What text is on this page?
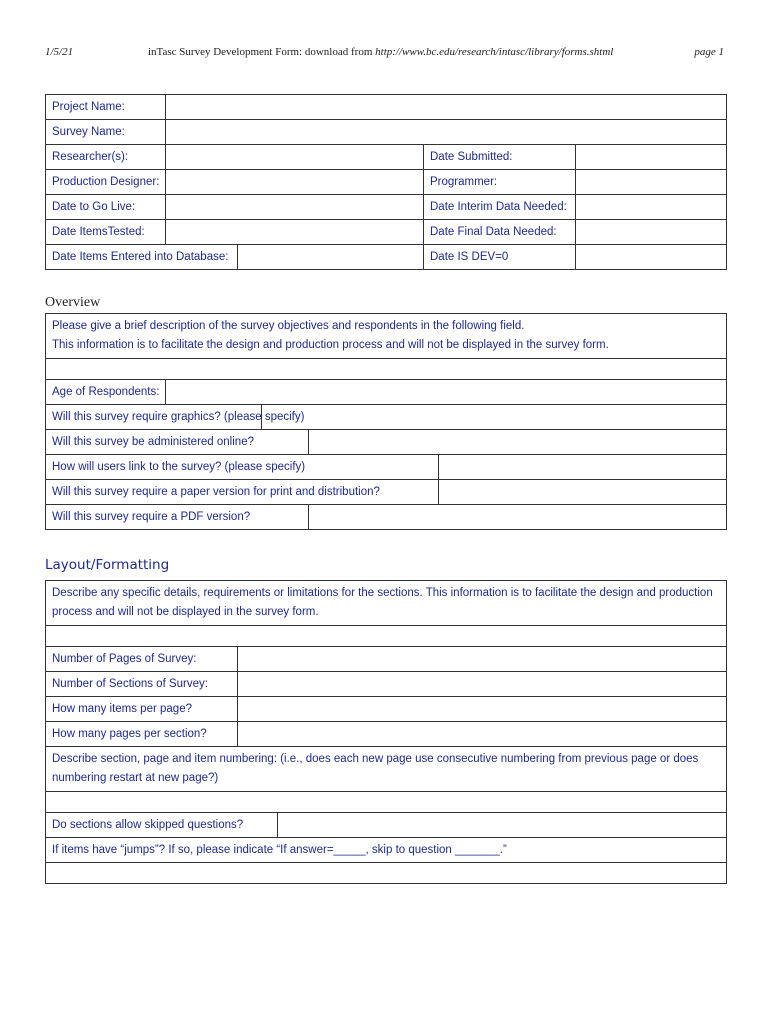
1/5/21	inTasc Survey Development Form: download from http://www.bc.edu/research/intasc/library/forms.shtml	page 1
Project Name:	
Survey Name:	
Researcher(s):			Date Submitted:	
Production Designer:			Programmer:	
Date to Go Live:			Date Interim Data Needed:	
Date ItemsTested:			Date Final Data Needed:	
Date Items Entered into Database:			Date IS DEV=0	
Overview
Please give a brief description of the survey objectives and respondents in the following field.
This information is to facilitate the design and production process and will not be displayed in the survey form.				

Age of Respondents:	
Will this survey require graphics? (please specify)	
Will this survey be administered online?	
How will users link to the survey? (please specify)	
Will this survey require a paper version for print and distribution?	
Will this survey require a PDF version?	
Layout/Formatting
Describe any specific details, requirements or limitations for the sections. This information is to facilitate the design and production process and will not be displayed in the survey form.		

Number of Pages of Survey:	
Number of Sections of Survey:	
How many items per page?	
How many pages per section?	
Describe section, page and item numbering: (i.e., does each new page use consecutive numbering from previous page or does numbering restart at new page?)		

Do sections allow skipped questions?	
If items have “jumps”? If so, please indicate “If answer=_____, skip to question _______.”		
